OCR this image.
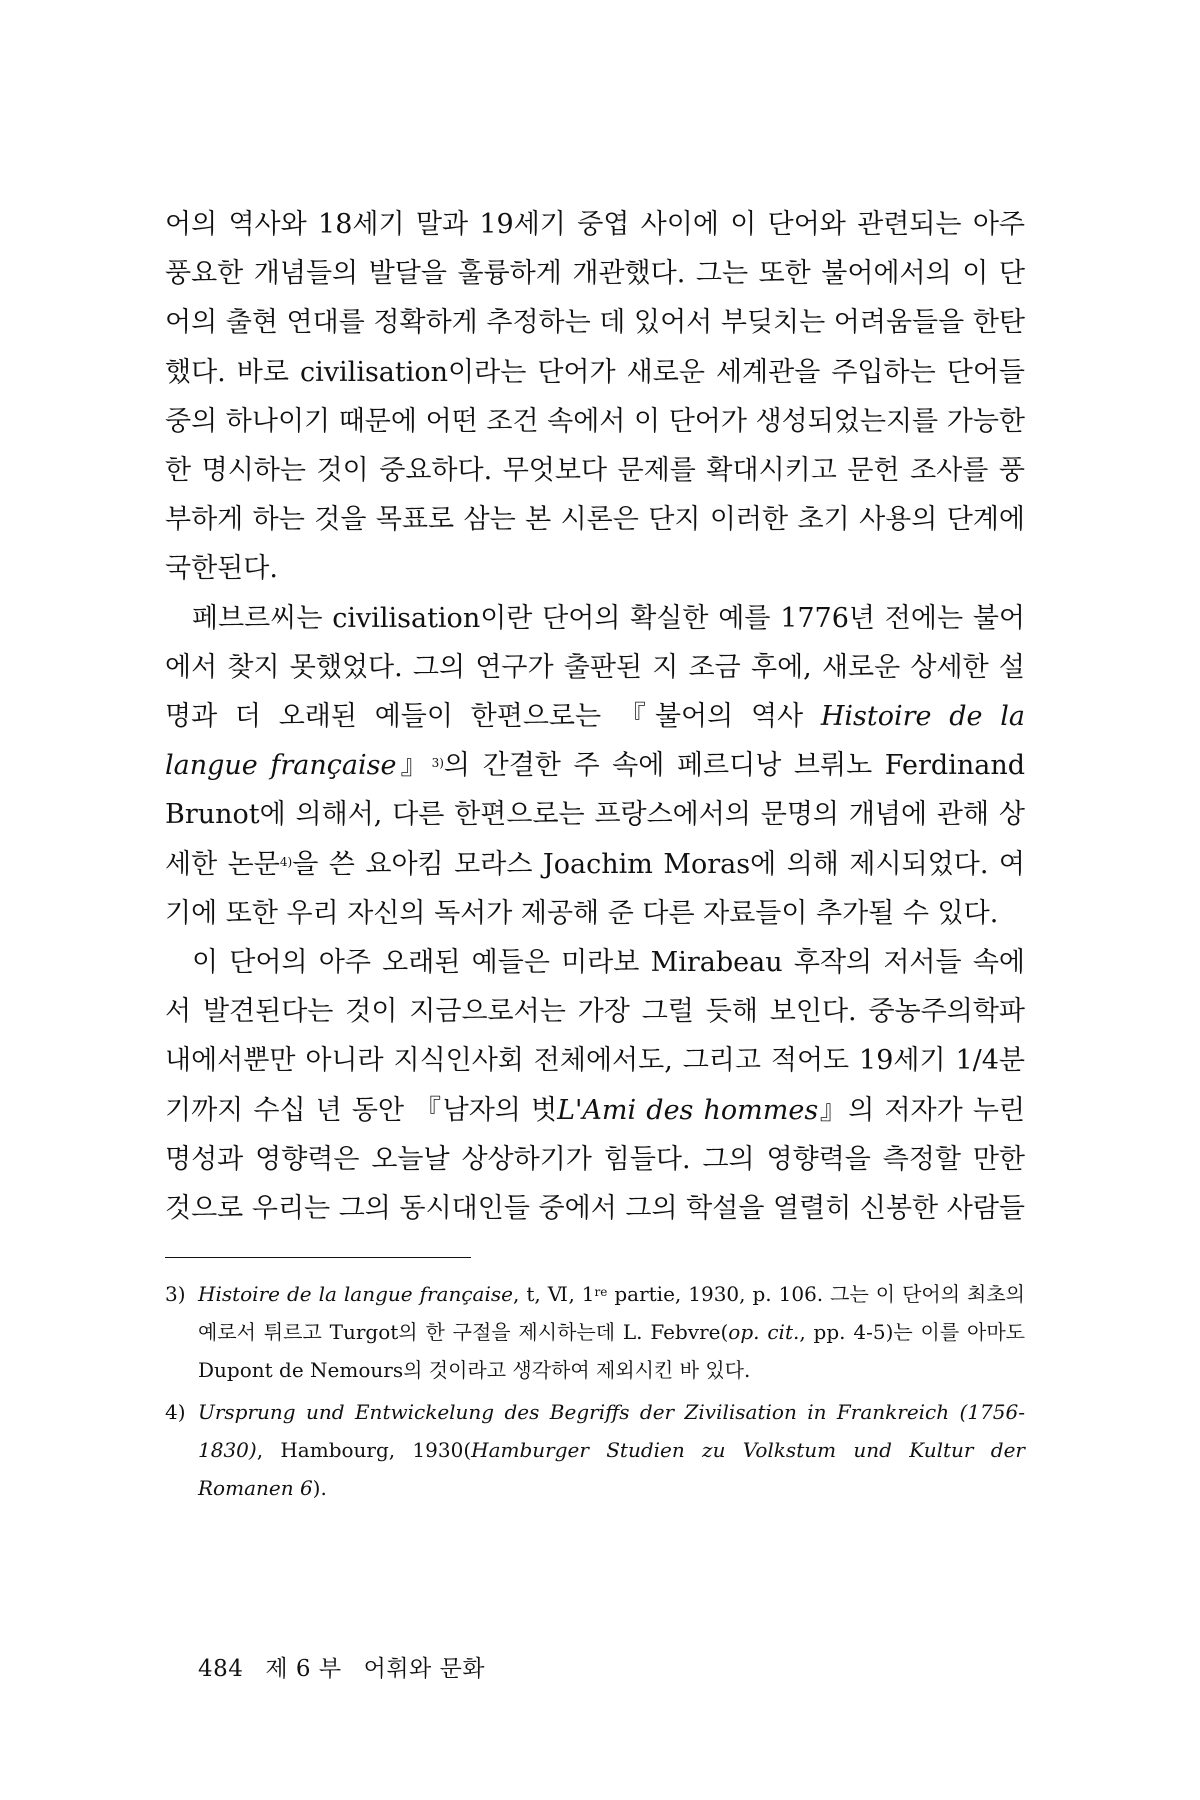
어의 역사와 18세기 말과 19세기 중엽 사이에 이 단어와 관련되는 아주 풍요한 개념들의 발달을 훌륭하게 개관했다. 그는 또한 불어에서의 이 단어의 출현 연대를 정확하게 추정하는 데 있어서 부딪치는 어려움들을 한탄했다. 바로 civilisation이라는 단어가 새로운 세계관을 주입하는 단어들 중의 하나이기 때문에 어떤 조건 속에서 이 단어가 생성되었는지를 가능한 한 명시하는 것이 중요하다. 무엇보다 문제를 확대시키고 문헌 조사를 풍부하게 하는 것을 목표로 삼는 본 시론은 단지 이러한 초기 사용의 단계에 국한된다.

페브르씨는 civilisation이란 단어의 확실한 예를 1776년 전에는 불어에서 찾지 못했었다. 그의 연구가 출판된 지 조금 후에, 새로운 상세한 설명과 더 오래된 예들이 한편으로는 『불어의 역사 Histoire de la langue française』$^{3)}$의 간결한 주 속에 페르디낭 브뤼노 Ferdinand Brunot에 의해서, 다른 한편으로는 프랑스에서의 문명의 개념에 관해 상세한 논문$^{4)}$을 쓴 요아킴 모라스 Joachim Moras에 의해 제시되었다. 여기에 또한 우리 자신의 독서가 제공해 준 다른 자료들이 추가될 수 있다.

이 단어의 아주 오래된 예들은 미라보 Mirabeau 후작의 저서들 속에서 발견된다는 것이 지금으로서는 가장 그럴 듯해 보인다. 중농주의학파 내에서뿐만 아니라 지식인사회 전체에서도, 그리고 적어도 19세기 1/4분기까지 수십 년 동안 『남자의 벗L'Ami des hommes』의 저자가 누린 명성과 영향력은 오늘날 상상하기가 힘들다. 그의 영향력을 측정할 만한 것으로 우리는 그의 동시대인들 중에서 그의 학설을 열렬히 신봉한 사람들

3) Histoire de la langue française, t, Ⅵ, 1re partie, 1930, p. 106. 그는 이 단어의 최초의 예로서 튀르고 Turgot의 한 구절을 제시하는데 L. Febvre(op. cit., pp. 4-5)는 이를 아마도 Dupont de Nemours의 것이라고 생각하여 제외시킨 바 있다.
4) Ursprung und Entwickelung des Begriffs der Zivilisation in Frankreich (1756-1830), Hambourg, 1930(Hamburger Studien zu Volkstum und Kultur der Romanen 6).
484 제 6 부 어휘와 문화
